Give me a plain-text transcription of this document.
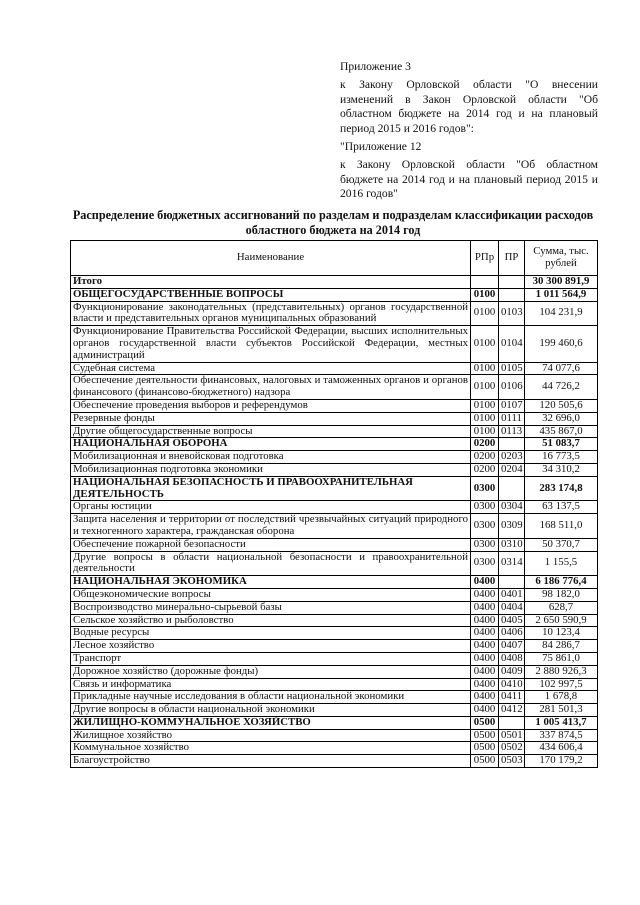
Приложение 3

к Закону Орловской области "О внесении изменений в Закон Орловской области "Об областном бюджете на 2014 год и на плановый период 2015 и 2016 годов":

"Приложение 12

к Закону Орловской области "Об областном бюджете на 2014 год и на плановый период 2015 и 2016 годов"

Распределение бюджетных ассигнований по разделам и подразделам классификации расходов областного бюджета на 2014 год
Наименование	РПр	ПР	Сумма, тыс. рублей
Итого			30 300 891,9
ОБЩЕГОСУДАРСТВЕННЫЕ ВОПРОСЫ	0100		1 011 564,9
Функционирование законодательных (представительных) органов государственной власти и представительных органов муниципальных образований	0100	0103	104 231,9
Функционирование Правительства Российской Федерации, высших исполнительных органов государственной власти субъектов Российской Федерации, местных администраций	0100	0104	199 460,6
Судебная система	0100	0105	74 077,6
Обеспечение деятельности финансовых, налоговых и таможенных органов и органов финансового (финансово-бюджетного) надзора	0100	0106	44 726,2
Обеспечение проведения выборов и референдумов	0100	0107	120 505,6
Резервные фонды	0100	0111	32 696,0
Другие общегосударственные вопросы	0100	0113	435 867,0
НАЦИОНАЛЬНАЯ ОБОРОНА	0200		51 083,7
Мобилизационная и вневойсковая подготовка	0200	0203	16 773,5
Мобилизационная подготовка экономики	0200	0204	34 310,2
НАЦИОНАЛЬНАЯ БЕЗОПАСНОСТЬ И ПРАВООХРАНИТЕЛЬНАЯ ДЕЯТЕЛЬНОСТЬ	0300		283 174,8
Органы юстиции	0300	0304	63 137,5
Защита населения и территории от последствий чрезвычайных ситуаций природного и техногенного характера, гражданская оборона	0300	0309	168 511,0
Обеспечение пожарной безопасности	0300	0310	50 370,7
Другие вопросы в области национальной безопасности и правоохранительной деятельности	0300	0314	1 155,5
НАЦИОНАЛЬНАЯ ЭКОНОМИКА	0400		6 186 776,4
Общеэкономические вопросы	0400	0401	98 182,0
Воспроизводство минерально-сырьевой базы	0400	0404	628,7
Сельское хозяйство и рыболовство	0400	0405	2 650 590,9
Водные ресурсы	0400	0406	10 123,4
Лесное хозяйство	0400	0407	84 286,7
Транспорт	0400	0408	75 861,0
Дорожное хозяйство (дорожные фонды)	0400	0409	2 880 926,3
Связь и информатика	0400	0410	102 997,5
Прикладные научные исследования в области национальной экономики	0400	0411	1 678,8
Другие вопросы в области национальной экономики	0400	0412	281 501,3
ЖИЛИЩНО-КОММУНАЛЬНОЕ ХОЗЯЙСТВО	0500		1 005 413,7
Жилищное хозяйство	0500	0501	337 874,5
Коммунальное хозяйство	0500	0502	434 606,4
Благоустройство	0500	0503	170 179,2
